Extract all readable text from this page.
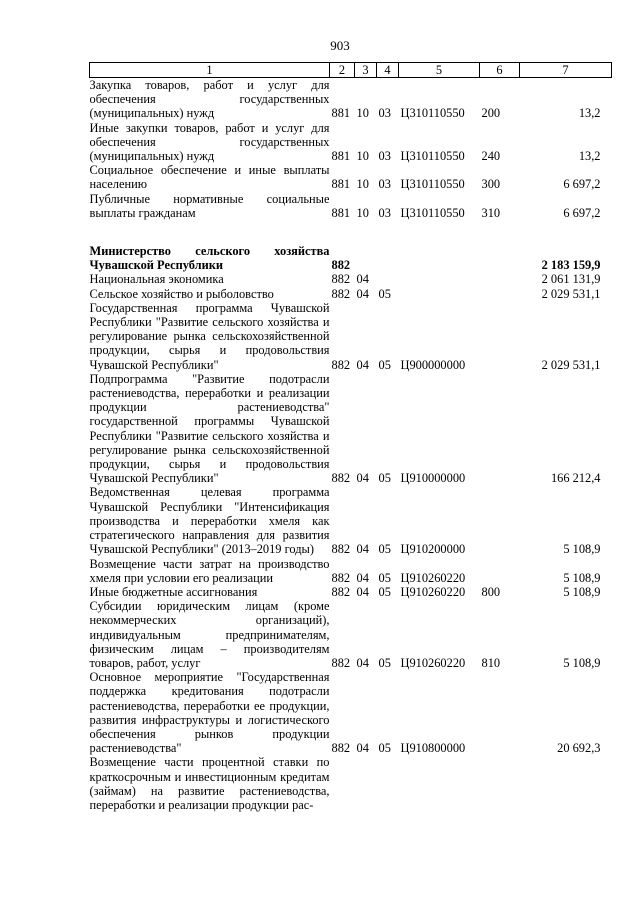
903
1	2	3	4	5	6	7
Закупка товаров, работ и услуг для обеспечения государственных (муниципальных) нужд	881	10	03	Ц310110550	200	13,2
Иные закупки товаров, работ и услуг для обеспечения государственных (муниципальных) нужд	881	10	03	Ц310110550	240	13,2
Социальное обеспечение и иные выплаты населению	881	10	03	Ц310110550	300	6 697,2
Публичные нормативные социальные выплаты гражданам	881	10	03	Ц310110550	310	6 697,2

Министерство сельского хозяйства Чувашской Республики	882					2 183 159,9
Национальная экономика	882	04				2 061 131,9
Сельское хозяйство и рыболовство	882	04	05			2 029 531,1
Государственная программа Чувашской Республики "Развитие сельского хозяйства и регулирование рынка сельскохозяйственной продукции, сырья и продовольствия Чувашской Республики"	882	04	05	Ц900000000		2 029 531,1
Подпрограмма "Развитие подотрасли растениеводства, переработки и реализации продукции растениеводства" государственной программы Чувашской Республики "Развитие сельского хозяйства и регулирование рынка сельскохозяйственной продукции, сырья и продовольствия Чувашской Республики"	882	04	05	Ц910000000		166 212,4
Ведомственная целевая программа Чувашской Республики "Интенсификация производства и переработки хмеля как стратегического направления для развития Чувашской Республики" (2013–2019 годы)	882	04	05	Ц910200000		5 108,9
Возмещение части затрат на производство хмеля при условии его реализации	882	04	05	Ц910260220		5 108,9
Иные бюджетные ассигнования	882	04	05	Ц910260220	800	5 108,9
Субсидии юридическим лицам (кроме некоммерческих организаций), индивидуальным предпринимателям, физическим лицам – производителям товаров, работ, услуг	882	04	05	Ц910260220	810	5 108,9
Основное мероприятие "Государственная поддержка кредитования подотрасли растениеводства, переработки ее продукции, развития инфраструктуры и логистического обеспечения рынков продукции растениеводства"	882	04	05	Ц910800000		20 692,3
Возмещение части процентной ставки по краткосрочным и инвестиционным кредитам (займам) на развитие растениеводства, переработки и реализации продукции рас-						
